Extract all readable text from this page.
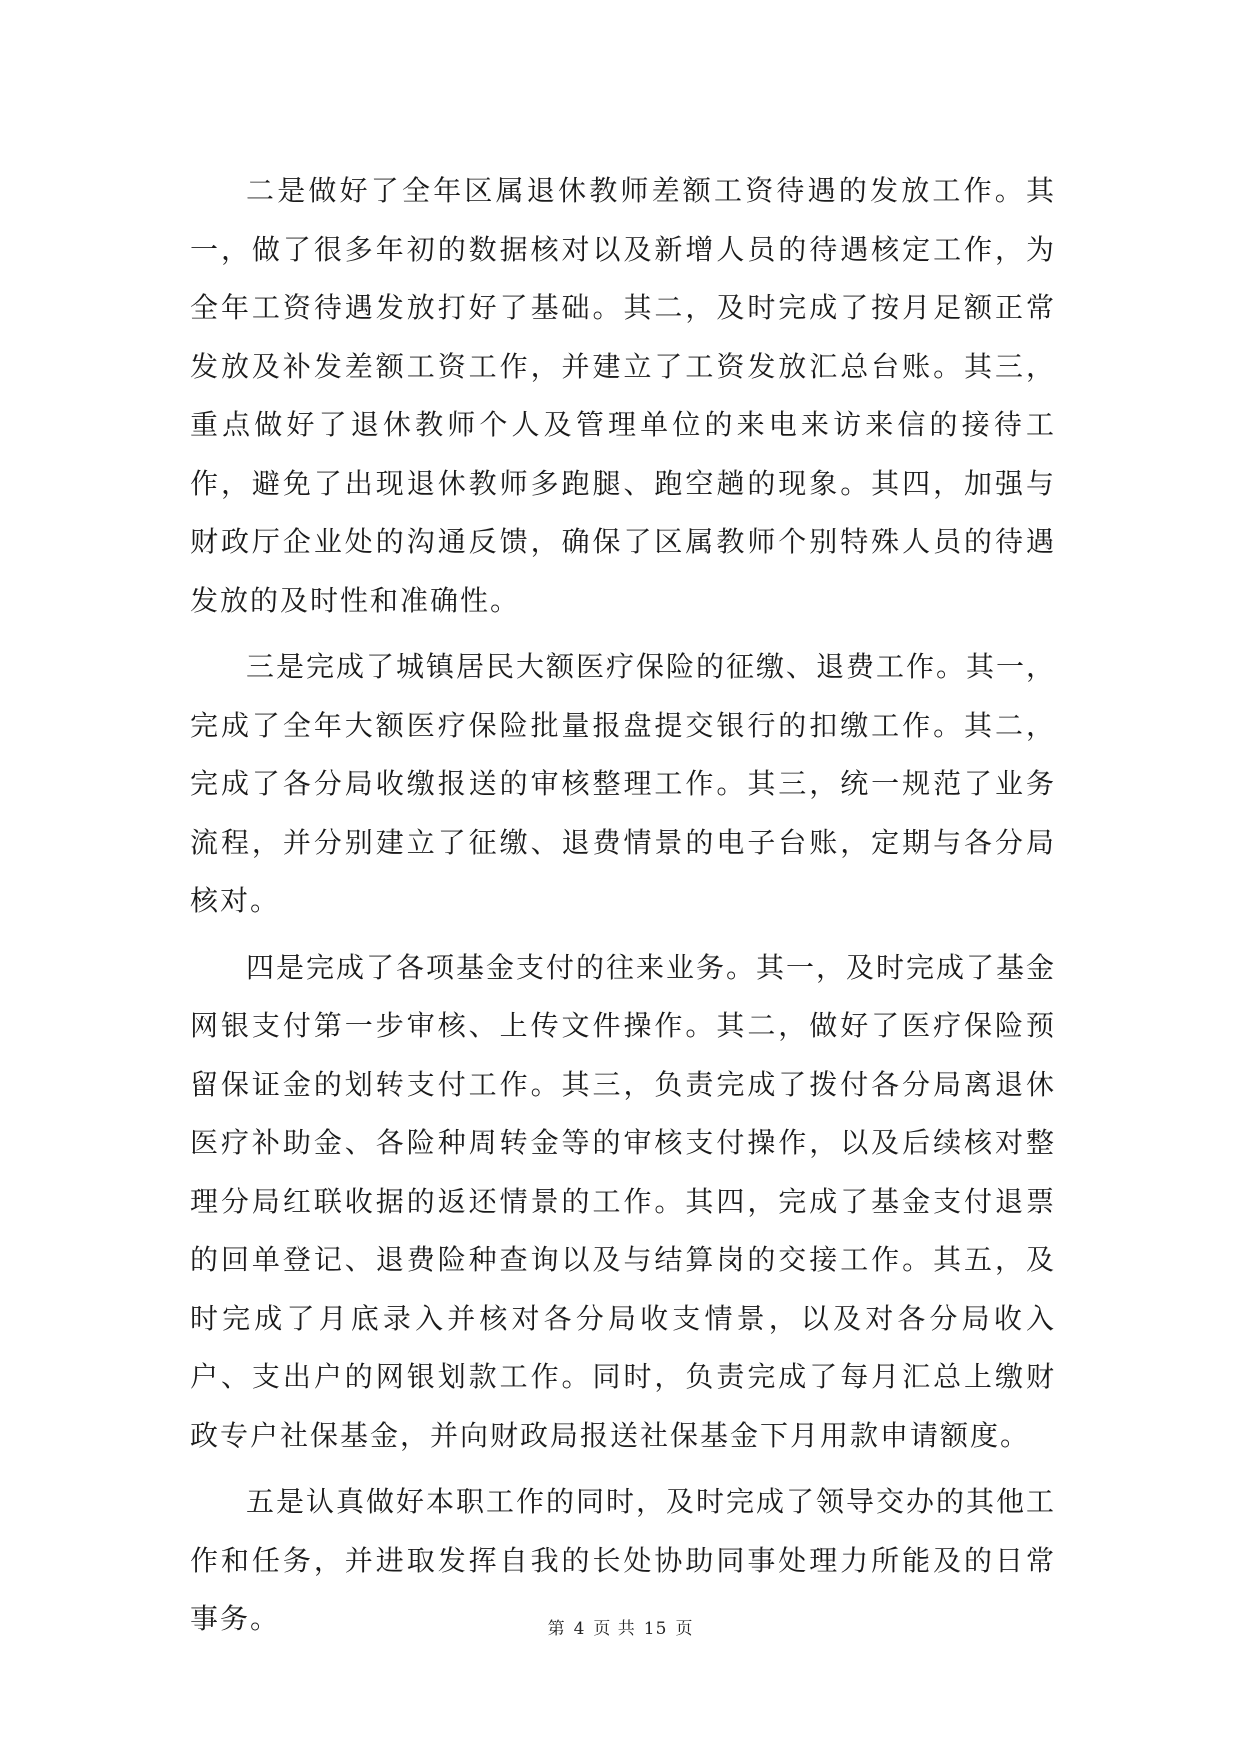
二是做好了全年区属退休教师差额工资待遇的发放工作。其一，做了很多年初的数据核对以及新增人员的待遇核定工作，为全年工资待遇发放打好了基础。其二，及时完成了按月足额正常发放及补发差额工资工作，并建立了工资发放汇总台账。其三，重点做好了退休教师个人及管理单位的来电来访来信的接待工作，避免了出现退休教师多跑腿、跑空趟的现象。其四，加强与财政厅企业处的沟通反馈，确保了区属教师个别特殊人员的待遇发放的及时性和准确性。

三是完成了城镇居民大额医疗保险的征缴、退费工作。其一，完成了全年大额医疗保险批量报盘提交银行的扣缴工作。其二，完成了各分局收缴报送的审核整理工作。其三，统一规范了业务流程，并分别建立了征缴、退费情景的电子台账，定期与各分局核对。

四是完成了各项基金支付的往来业务。其一，及时完成了基金网银支付第一步审核、上传文件操作。其二，做好了医疗保险预留保证金的划转支付工作。其三，负责完成了拨付各分局离退休医疗补助金、各险种周转金等的审核支付操作，以及后续核对整理分局红联收据的返还情景的工作。其四，完成了基金支付退票的回单登记、退费险种查询以及与结算岗的交接工作。其五，及时完成了月底录入并核对各分局收支情景，以及对各分局收入户、支出户的网银划款工作。同时，负责完成了每月汇总上缴财政专户社保基金，并向财政局报送社保基金下月用款申请额度。

五是认真做好本职工作的同时，及时完成了领导交办的其他工作和任务，并进取发挥自我的长处协助同事处理力所能及的日常事务。	第 4 页 共 15 页
